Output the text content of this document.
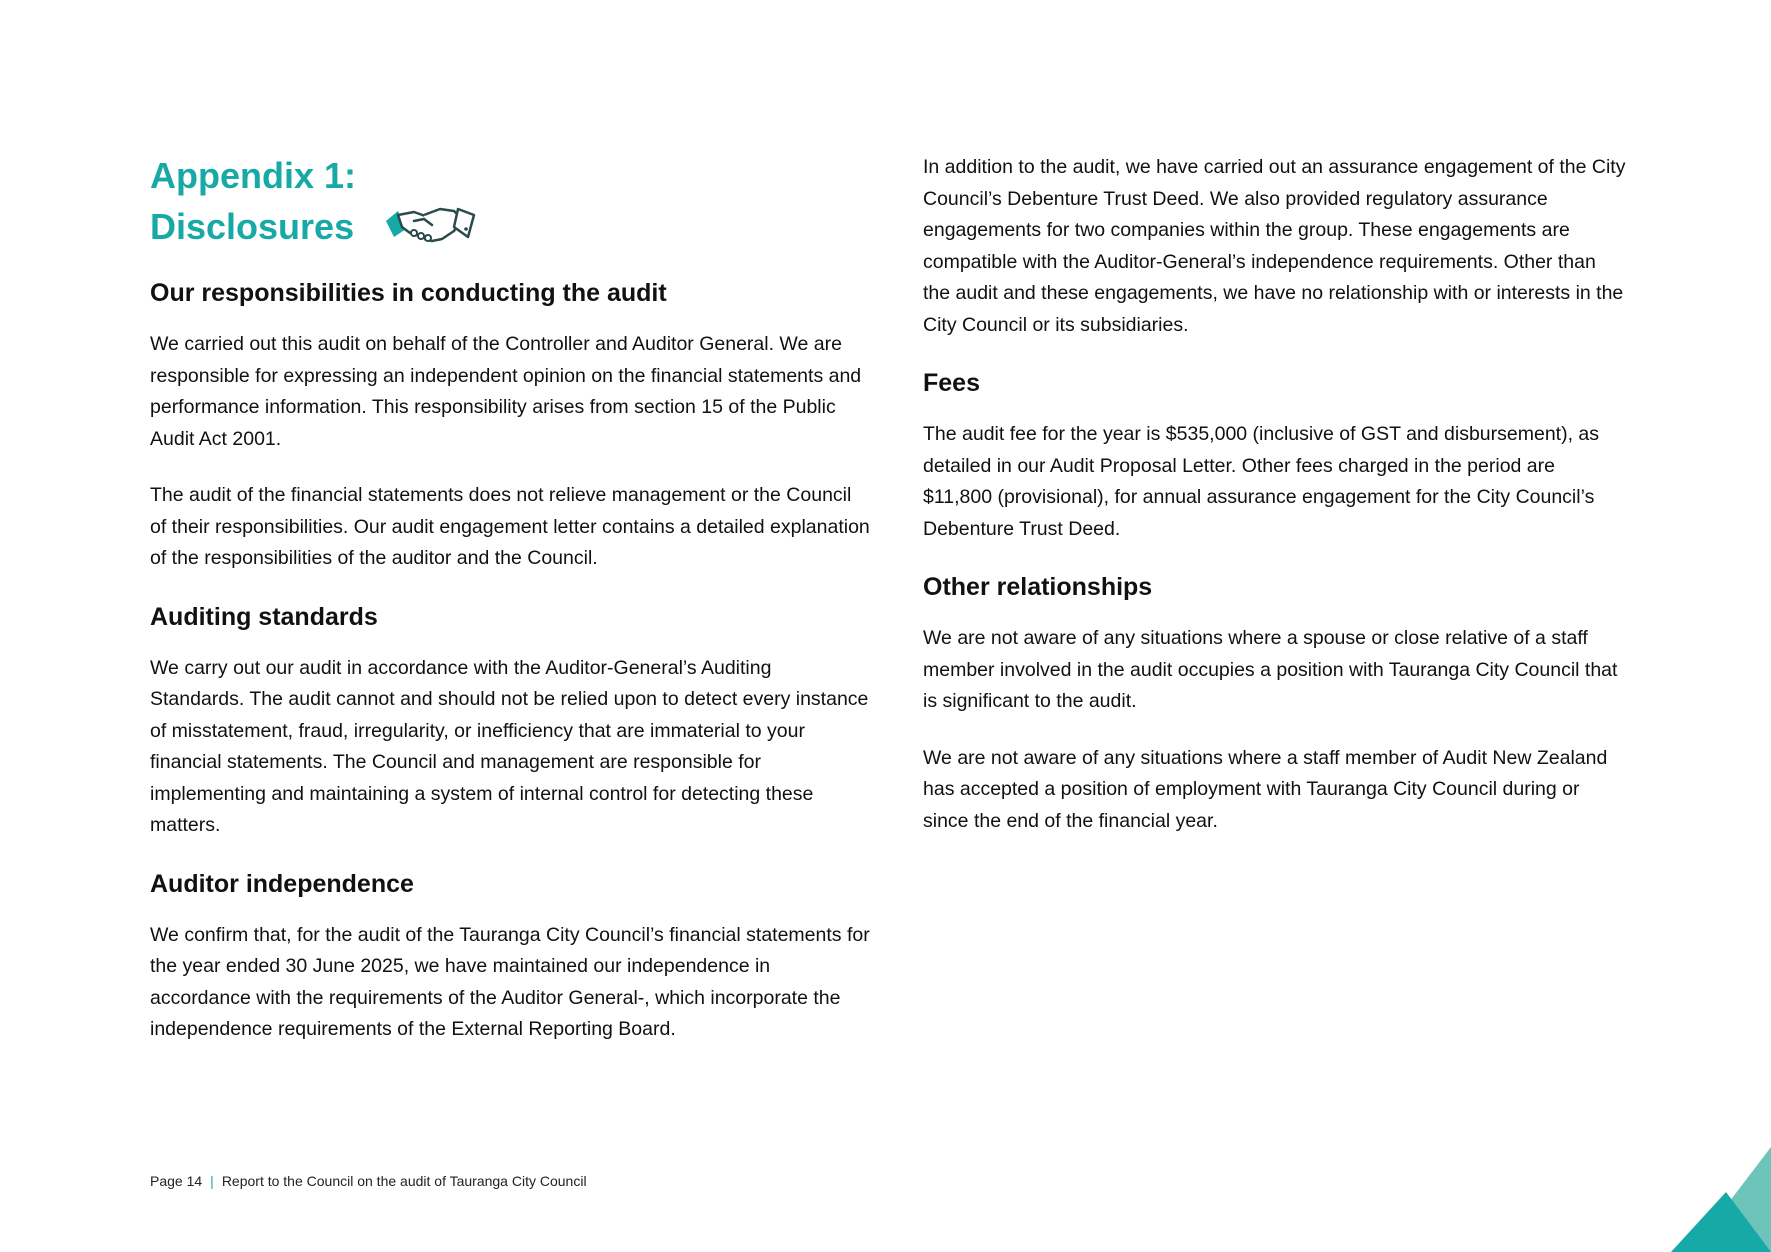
Appendix 1:
Disclosures
Our responsibilities in conducting the audit

We carried out this audit on behalf of the Controller and Auditor General. We are responsible for expressing an independent opinion on the financial statements and performance information. This responsibility arises from section 15 of the Public Audit Act 2001.

The audit of the financial statements does not relieve management or the Council of their responsibilities. Our audit engagement letter contains a detailed explanation of the responsibilities of the auditor and the Council.

Auditing standards

We carry out our audit in accordance with the Auditor-General’s Auditing Standards. The audit cannot and should not be relied upon to detect every instance of misstatement, fraud, irregularity, or inefficiency that are immaterial to your financial statements. The Council and management are responsible for implementing and maintaining a system of internal control for detecting these matters.

Auditor independence

We confirm that, for the audit of the Tauranga City Council’s financial statements for the year ended 30 June 2025, we have maintained our independence in accordance with the requirements of the Auditor General-, which incorporate the independence requirements of the External Reporting Board.

In addition to the audit, we have carried out an assurance engagement of the City Council’s Debenture Trust Deed. We also provided regulatory assurance engagements for two companies within the group. These engagements are compatible with the Auditor-General’s independence requirements. Other than the audit and these engagements, we have no relationship with or interests in the City Council or its subsidiaries.

Fees

The audit fee for the year is $535,000 (inclusive of GST and disbursement), as detailed in our Audit Proposal Letter. Other fees charged in the period are $11,800 (provisional), for annual assurance engagement for the City Council’s Debenture Trust Deed.

Other relationships

We are not aware of any situations where a spouse or close relative of a staff member involved in the audit occupies a position with Tauranga City Council that is significant to the audit.

We are not aware of any situations where a staff member of Audit New Zealand has accepted a position of employment with Tauranga City Council during or since the end of the financial year.

Page 14 | Report to the Council on the audit of Tauranga City Council
